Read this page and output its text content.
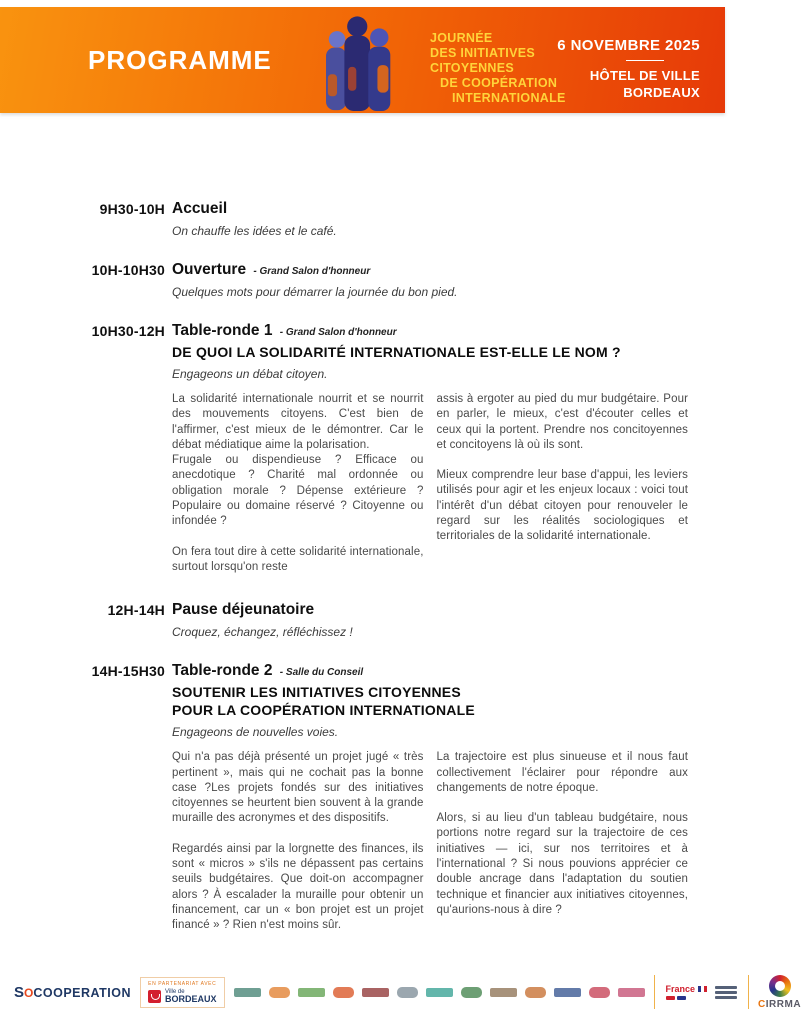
PROGRAMME
JOURNÉE
DES INITIATIVES
CITOYENNES
DE COOPÉRATION
INTERNATIONALE
6 NOVEMBRE 2025
HÔTEL DE VILLE
BORDEAUX
9H30-10H Accueil
On chauffe les idées et le café.
10H-10H30 Ouverture - Grand Salon d'honneur
Quelques mots pour démarrer la journée du bon pied.
10H30-12H Table-ronde 1 - Grand Salon d'honneur
DE QUOI LA SOLIDARITÉ INTERNATIONALE EST-ELLE LE NOM ?
Engageons un débat citoyen.

La solidarité internationale nourrit et se nourrit des mouvements citoyens. C'est bien de l'affirmer, c'est mieux de le démontrer. Car le débat médiatique aime la polarisation.

Frugale ou dispendieuse ? Efficace ou anecdotique ? Charité mal ordonnée ou obligation morale ? Dépense extérieure ? Populaire ou domaine réservé ? Citoyenne ou infondée ?

On fera tout dire à cette solidarité internationale, surtout lorsqu'on reste

assis à ergoter au pied du mur budgétaire. Pour en parler, le mieux, c'est d'écouter celles et ceux qui la portent. Prendre nos concitoyennes et concitoyens là où ils sont.

Mieux comprendre leur base d'appui, les leviers utilisés pour agir et les enjeux locaux : voici tout l'intérêt d'un débat citoyen pour renouveler le regard sur les réalités sociologiques et territoriales de la solidarité internationale.

12H-14H Pause déjeunatoire
Croquez, échangez, réfléchissez !
14H-15H30 Table-ronde 2 - Salle du Conseil
SOUTENIR LES INITIATIVES CITOYENNES
POUR LA COOPÉRATION INTERNATIONALE
Engageons de nouvelles voies.

Qui n'a pas déjà présenté un projet jugé « très pertinent », mais qui ne cochait pas la bonne case ?Les projets fondés sur des initiatives citoyennes se heurtent bien souvent à la grande muraille des acronymes et des dispositifs.

Regardés ainsi par la lorgnette des finances, ils sont « micros » s'ils ne dépassent pas certains seuils budgétaires. Que doit-on accompagner alors ? À escalader la muraille pour obtenir un financement, car un « bon projet est un projet financé » ? Rien n'est moins sûr.

La trajectoire est plus sinueuse et il nous faut collectivement l'éclairer pour répondre aux changements de notre époque.

Alors, si au lieu d'un tableau budgétaire, nous portions notre regard sur la trajectoire de ces initiatives — ici, sur nos territoires et à l'international ? Si nous pouvions apprécier ce double ancrage dans l'adaptation du soutien technique et financier aux initiatives citoyennes, qu'aurions-nous à dire ?

S O COOPERATION
EN PARTENARIAT AVEC
Ville de
BORDEAUX
France
CIRRMA
